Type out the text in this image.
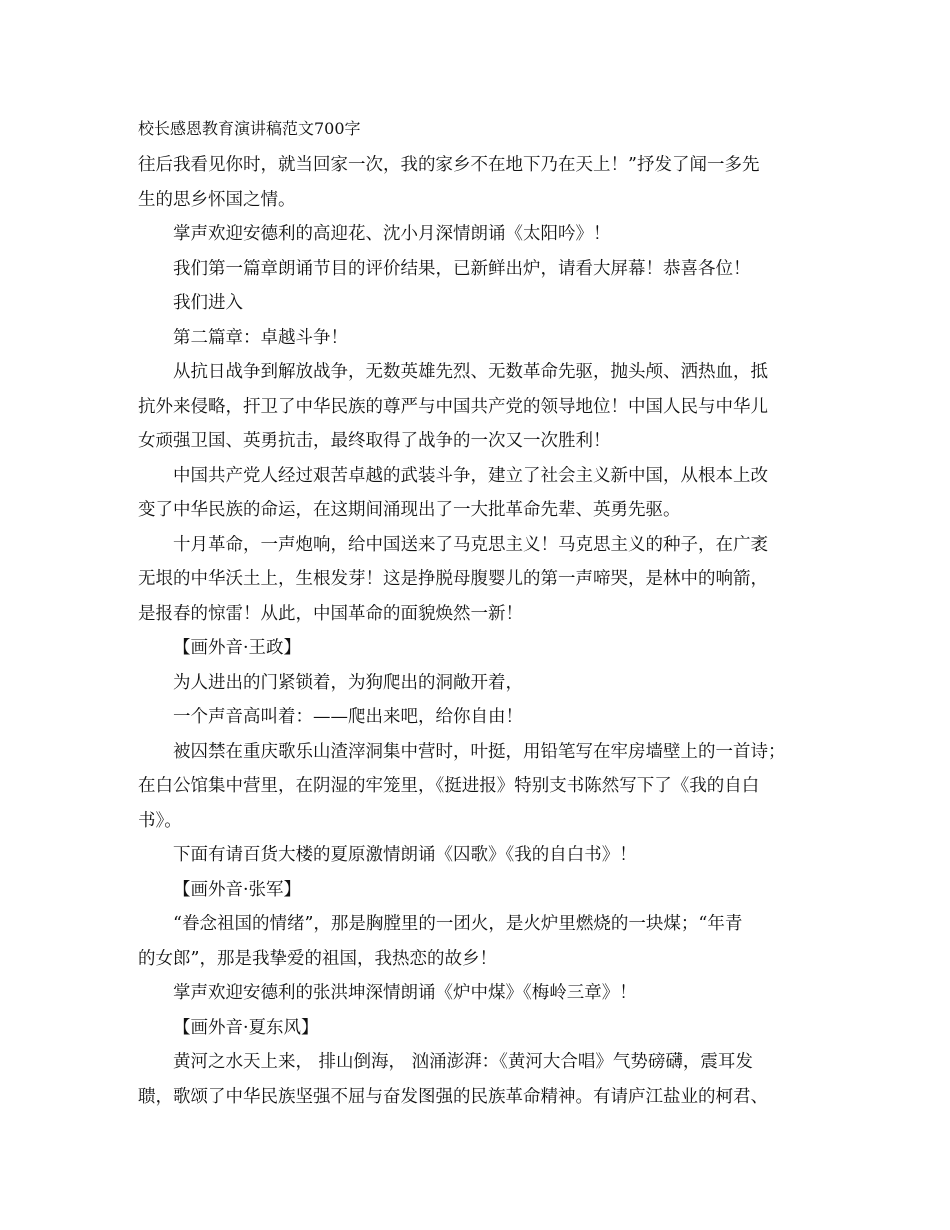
校长感恩教育演讲稿范文700字

往后我看见你时，就当回家一次，我的家乡不在地下乃在天上！”抒发了闻一多先

生的思乡怀国之情。

掌声欢迎安德利的高迎花、沈小月深情朗诵《太阳吟》！

我们第一篇章朗诵节目的评价结果，已新鲜出炉，请看大屏幕！恭喜各位！

我们进入

第二篇章：卓越斗争！

从抗日战争到解放战争，无数英雄先烈、无数革命先驱，抛头颅、洒热血，抵

抗外来侵略，扞卫了中华民族的尊严与中国共产党的领导地位！中国人民与中华儿

女顽强卫国、英勇抗击，最终取得了战争的一次又一次胜利！

中国共产党人经过艰苦卓越的武装斗争，建立了社会主义新中国，从根本上改

变了中华民族的命运，在这期间涌现出了一大批革命先辈、英勇先驱。

十月革命，一声炮响，给中国送来了马克思主义！马克思主义的种子，在广袤

无垠的中华沃土上，生根发芽！这是挣脱母腹婴儿的第一声啼哭，是林中的响箭，

是报春的惊雷！从此，中国革命的面貌焕然一新！

【画外音·王政】

为人进出的门紧锁着，为狗爬出的洞敞开着，

一个声音高叫着：——爬出来吧，给你自由！

被囚禁在重庆歌乐山渣滓洞集中营时，叶挺，用铅笔写在牢房墙壁上的一首诗；

在白公馆集中营里，在阴湿的牢笼里，《挺进报》特别支书陈然写下了《我的自白

书》。

下面有请百货大楼的夏原激情朗诵《囚歌》《我的自白书》！

【画外音·张军】

“眷念祖国的情绪”，那是胸膛里的一团火，是火炉里燃烧的一块煤；“年青

的女郎”，那是我挚爱的祖国，我热恋的故乡！

掌声欢迎安德利的张洪坤深情朗诵《炉中煤》《梅岭三章》！

【画外音·夏东风】

黄河之水天上来， 排山倒海， 汹涌澎湃：《黄河大合唱》气势磅礴，震耳发

聩，歌颂了中华民族坚强不屈与奋发图强的民族革命精神。有请庐江盐业的柯君、
